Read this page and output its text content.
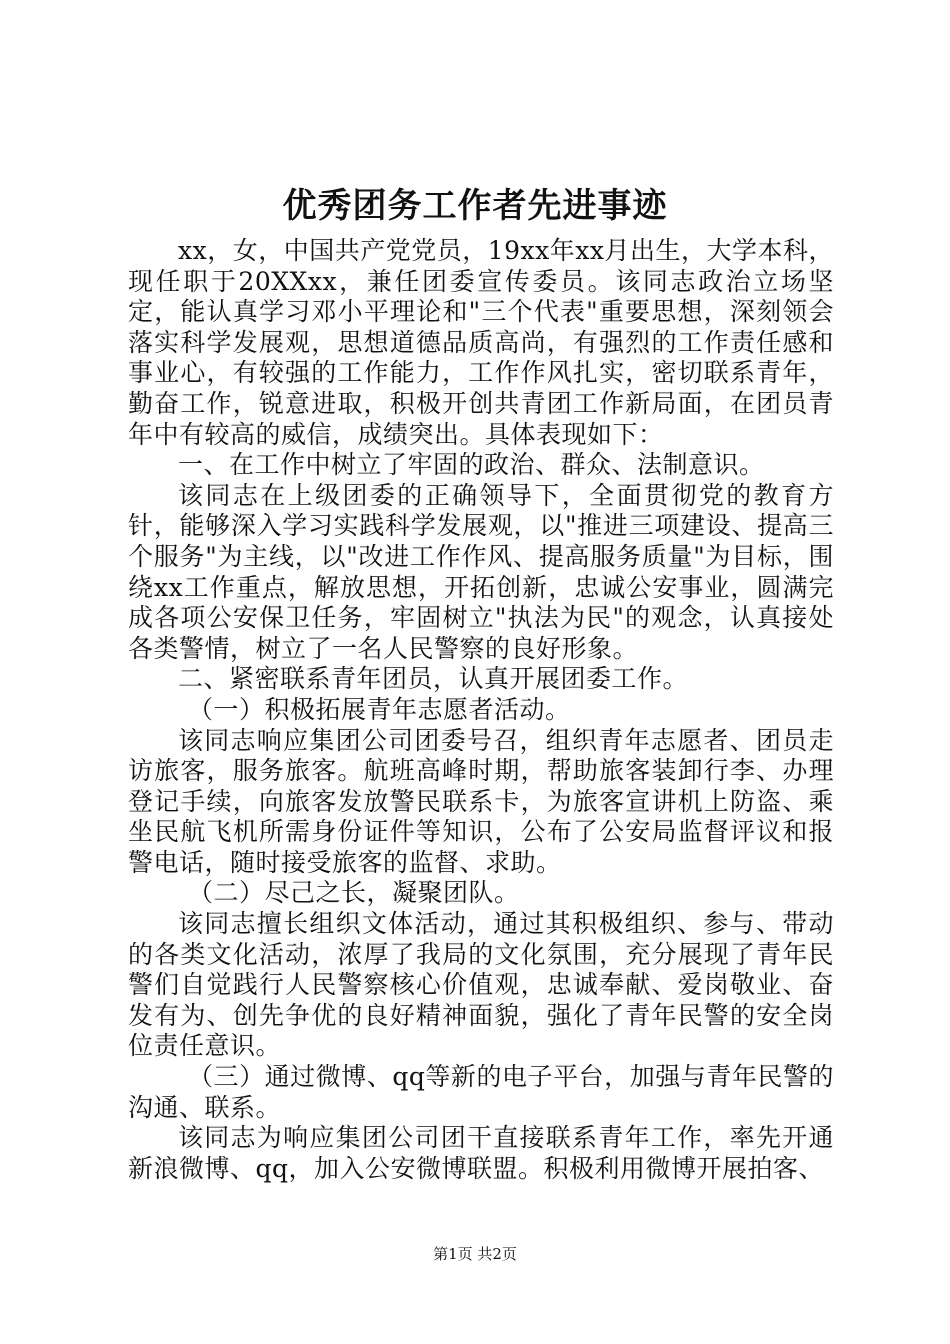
优秀团务工作者先进事迹

xx，女，中国共产党党员，19xx年xx月出生，大学本科，现任职于20XXxx，兼任团委宣传委员。该同志政治立场坚定，能认真学习邓小平理论和"三个代表"重要思想，深刻领会落实科学发展观，思想道德品质高尚，有强烈的工作责任感和事业心，有较强的工作能力，工作作风扎实，密切联系青年，勤奋工作，锐意进取，积极开创共青团工作新局面，在团员青年中有较高的威信，成绩突出。具体表现如下：

一、在工作中树立了牢固的政治、群众、法制意识。

该同志在上级团委的正确领导下，全面贯彻党的教育方针，能够深入学习实践科学发展观，以"推进三项建设、提高三个服务"为主线，以"改进工作作风、提高服务质量"为目标，围绕xx工作重点，解放思想，开拓创新，忠诚公安事业，圆满完成各项公安保卫任务，牢固树立"执法为民"的观念，认真接处各类警情，树立了一名人民警察的良好形象。

二、紧密联系青年团员，认真开展团委工作。

（一）积极拓展青年志愿者活动。

该同志响应集团公司团委号召，组织青年志愿者、团员走访旅客，服务旅客。航班高峰时期，帮助旅客装卸行李、办理登记手续，向旅客发放警民联系卡，为旅客宣讲机上防盗、乘坐民航飞机所需身份证件等知识，公布了公安局监督评议和报警电话，随时接受旅客的监督、求助。

（二）尽己之长，凝聚团队。

该同志擅长组织文体活动，通过其积极组织、参与、带动的各类文化活动，浓厚了我局的文化氛围，充分展现了青年民警们自觉践行人民警察核心价值观，忠诚奉献、爱岗敬业、奋发有为、创先争优的良好精神面貌，强化了青年民警的安全岗位责任意识。

（三）通过微博、qq等新的电子平台，加强与青年民警的沟通、联系。

该同志为响应集团公司团干直接联系青年工作，率先开通新浪微博、qq，加入公安微博联盟。积极利用微博开展拍客、

第1页 共2页
